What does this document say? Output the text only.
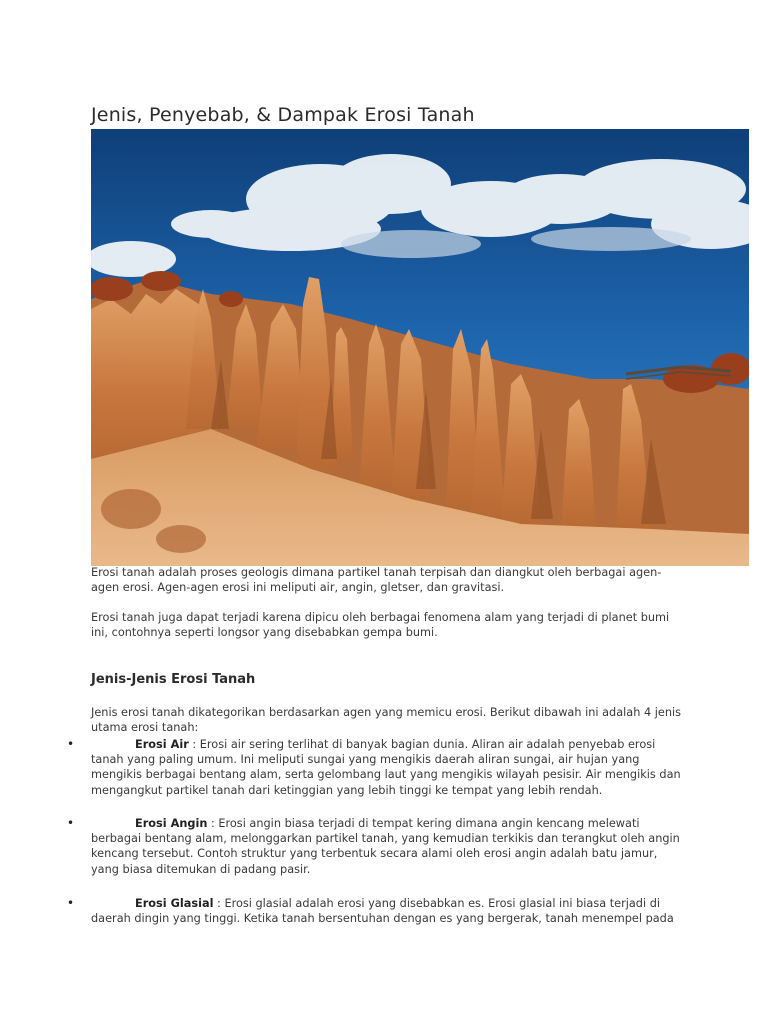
Jenis, Penyebab, & Dampak Erosi Tanah

Erosi tanah adalah proses geologis dimana partikel tanah terpisah dan diangkut oleh berbagai agen-agen erosi. Agen-agen erosi ini meliputi air, angin, gletser, dan gravitasi.

Erosi tanah juga dapat terjadi karena dipicu oleh berbagai fenomena alam yang terjadi di planet bumi ini, contohnya seperti longsor yang disebabkan gempa bumi.

Jenis-Jenis Erosi Tanah

Jenis erosi tanah dikategorikan berdasarkan agen yang memicu erosi. Berikut dibawah ini adalah 4 jenis utama erosi tanah:

•	Erosi Air : Erosi air sering terlihat di banyak bagian dunia. Aliran air adalah penyebab erosi tanah yang paling umum. Ini meliputi sungai yang mengikis daerah aliran sungai, air hujan yang mengikis berbagai bentang alam, serta gelombang laut yang mengikis wilayah pesisir. Air mengikis dan mengangkut partikel tanah dari ketinggian yang lebih tinggi ke tempat yang lebih rendah.

•	Erosi Angin : Erosi angin biasa terjadi di tempat kering dimana angin kencang melewati berbagai bentang alam, melonggarkan partikel tanah, yang kemudian terkikis dan terangkut oleh angin kencang tersebut. Contoh struktur yang terbentuk secara alami oleh erosi angin adalah batu jamur, yang biasa ditemukan di padang pasir.

•	Erosi Glasial : Erosi glasial adalah erosi yang disebabkan es. Erosi glasial ini biasa terjadi di daerah dingin yang tinggi. Ketika tanah bersentuhan dengan es yang bergerak, tanah menempel pada
